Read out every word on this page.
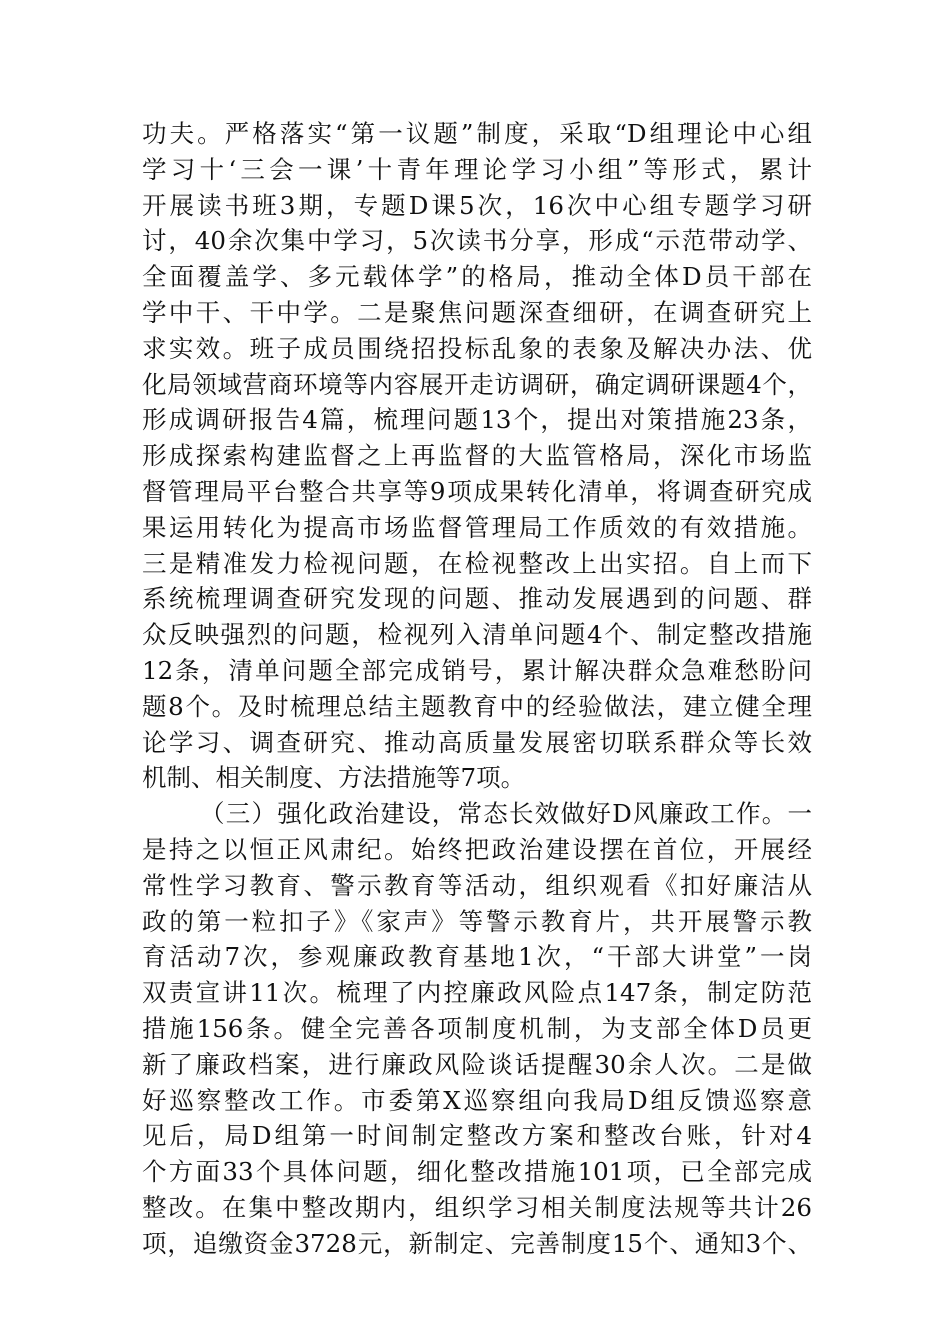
功夫。严格落实“第一议题”制度，采取“D组理论中心组
学习十‘三会一课’十青年理论学习小组”等形式，累计
开展读书班3期，专题D课5次，16次中心组专题学习研
讨，40余次集中学习，5次读书分享，形成“示范带动学、
全面覆盖学、多元载体学”的格局，推动全体D员干部在
学中干、干中学。二是聚焦问题深查细研，在调查研究上
求实效。班子成员围绕招投标乱象的表象及解决办法、优
化局领域营商环境等内容展开走访调研，确定调研课题4个，
形成调研报告4篇，梳理问题13个，提出对策措施23条，
形成探索构建监督之上再监督的大监管格局，深化市场监
督管理局平台整合共享等9项成果转化清单，将调查研究成
果运用转化为提高市场监督管理局工作质效的有效措施。
三是精准发力检视问题，在检视整改上出实招。自上而下
系统梳理调查研究发现的问题、推动发展遇到的问题、群
众反映强烈的问题，检视列入清单问题4个、制定整改措施
12条，清单问题全部完成销号，累计解决群众急难愁盼问
题8个。及时梳理总结主题教育中的经验做法，建立健全理
论学习、调查研究、推动高质量发展密切联系群众等长效
机制、相关制度、方法措施等7项。
（三）强化政治建设，常态长效做好D风廉政工作。一
是持之以恒正风肃纪。始终把政治建设摆在首位，开展经
常性学习教育、警示教育等活动，组织观看《扣好廉洁从
政的第一粒扣子》《家声》等警示教育片，共开展警示教
育活动7次，参观廉政教育基地1次，“干部大讲堂”一岗
双责宣讲11次。梳理了内控廉政风险点147条，制定防范
措施156条。健全完善各项制度机制，为支部全体D员更
新了廉政档案，进行廉政风险谈话提醒30余人次。二是做
好巡察整改工作。市委第X巡察组向我局D组反馈巡察意
见后，局D组第一时间制定整改方案和整改台账，针对4
个方面33个具体问题，细化整改措施101项，已全部完成
整改。在集中整改期内，组织学习相关制度法规等共计26
项，追缴资金3728元，新制定、完善制度15个、通知3个、
